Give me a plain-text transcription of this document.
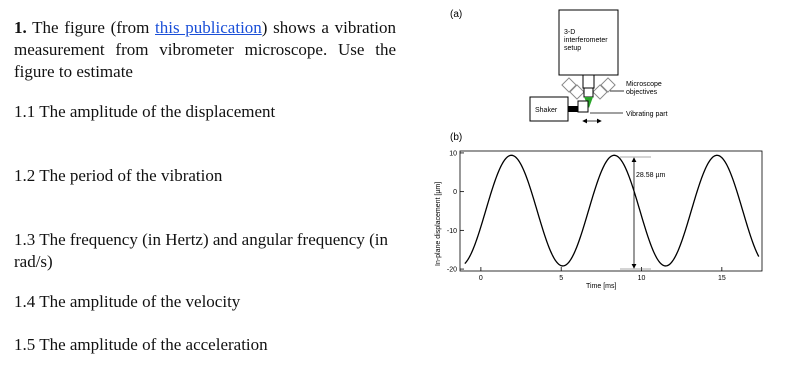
1. The figure (from this publication) shows a vibration measurement from vibrometer microscope. Use the figure to estimate

1.1 The amplitude of the displacement

1.2 The period of the vibration

1.3 The frequency (in Hertz) and angular frequency (in rad/s)

1.4 The amplitude of the velocity

1.5 The amplitude of the acceleration

(a)
3-D
interferometer
setup
Microscope
objectives
Shaker
Vibrating part
(b)
10
0
-10
-20
0	5	10	15
28.58 µm
Time [ms]
In-plane displacement [µm]
